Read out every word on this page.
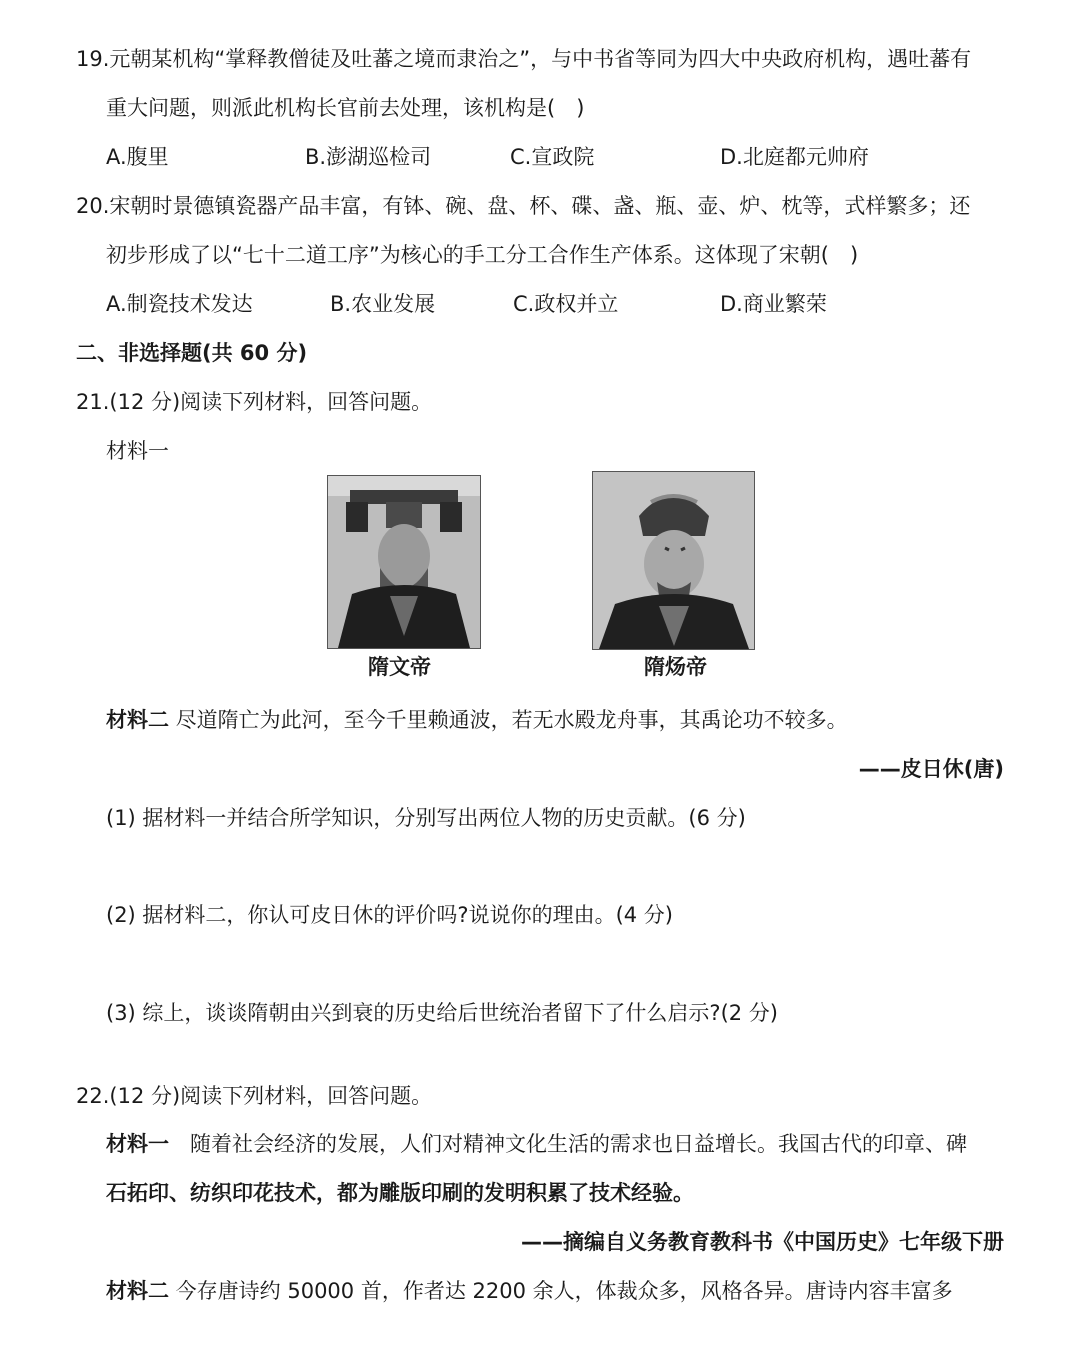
19.元朝某机构“掌释教僧徒及吐蕃之境而隶治之”，与中书省等同为四大中央政府机构，遇吐蕃有
重大问题，则派此机构长官前去处理，该机构是(　)
A.腹里	B.澎湖巡检司	C.宣政院	D.北庭都元帅府
20.宋朝时景德镇瓷器产品丰富，有钵、碗、盘、杯、碟、盏、瓶、壶、炉、枕等，式样繁多；还
初步形成了以“七十二道工序”为核心的手工分工合作生产体系。这体现了宋朝(　)
A.制瓷技术发达	B.农业发展	C.政权并立	D.商业繁荣
二、非选择题(共 60 分)
21.(12 分)阅读下列材料，回答问题。
材料一
隋文帝	隋炀帝
材料二 尽道隋亡为此河，至今千里赖通波，若无水殿龙舟事，其禹论功不较多。
——皮日休(唐)
(1) 据材料一并结合所学知识，分别写出两位人物的历史贡献。(6 分)
(2) 据材料二，你认可皮日休的评价吗?说说你的理由。(4 分)
(3) 综上，谈谈隋朝由兴到衰的历史给后世统治者留下了什么启示?(2 分)
22.(12 分)阅读下列材料，回答问题。
材料一　随着社会经济的发展，人们对精神文化生活的需求也日益增长。我国古代的印章、碑
石拓印、纺织印花技术，都为雕版印刷的发明积累了技术经验。
——摘编自义务教育教科书《中国历史》七年级下册
材料二 今存唐诗约 50000 首，作者达 2200 余人，体裁众多，风格各异。唐诗内容丰富多
